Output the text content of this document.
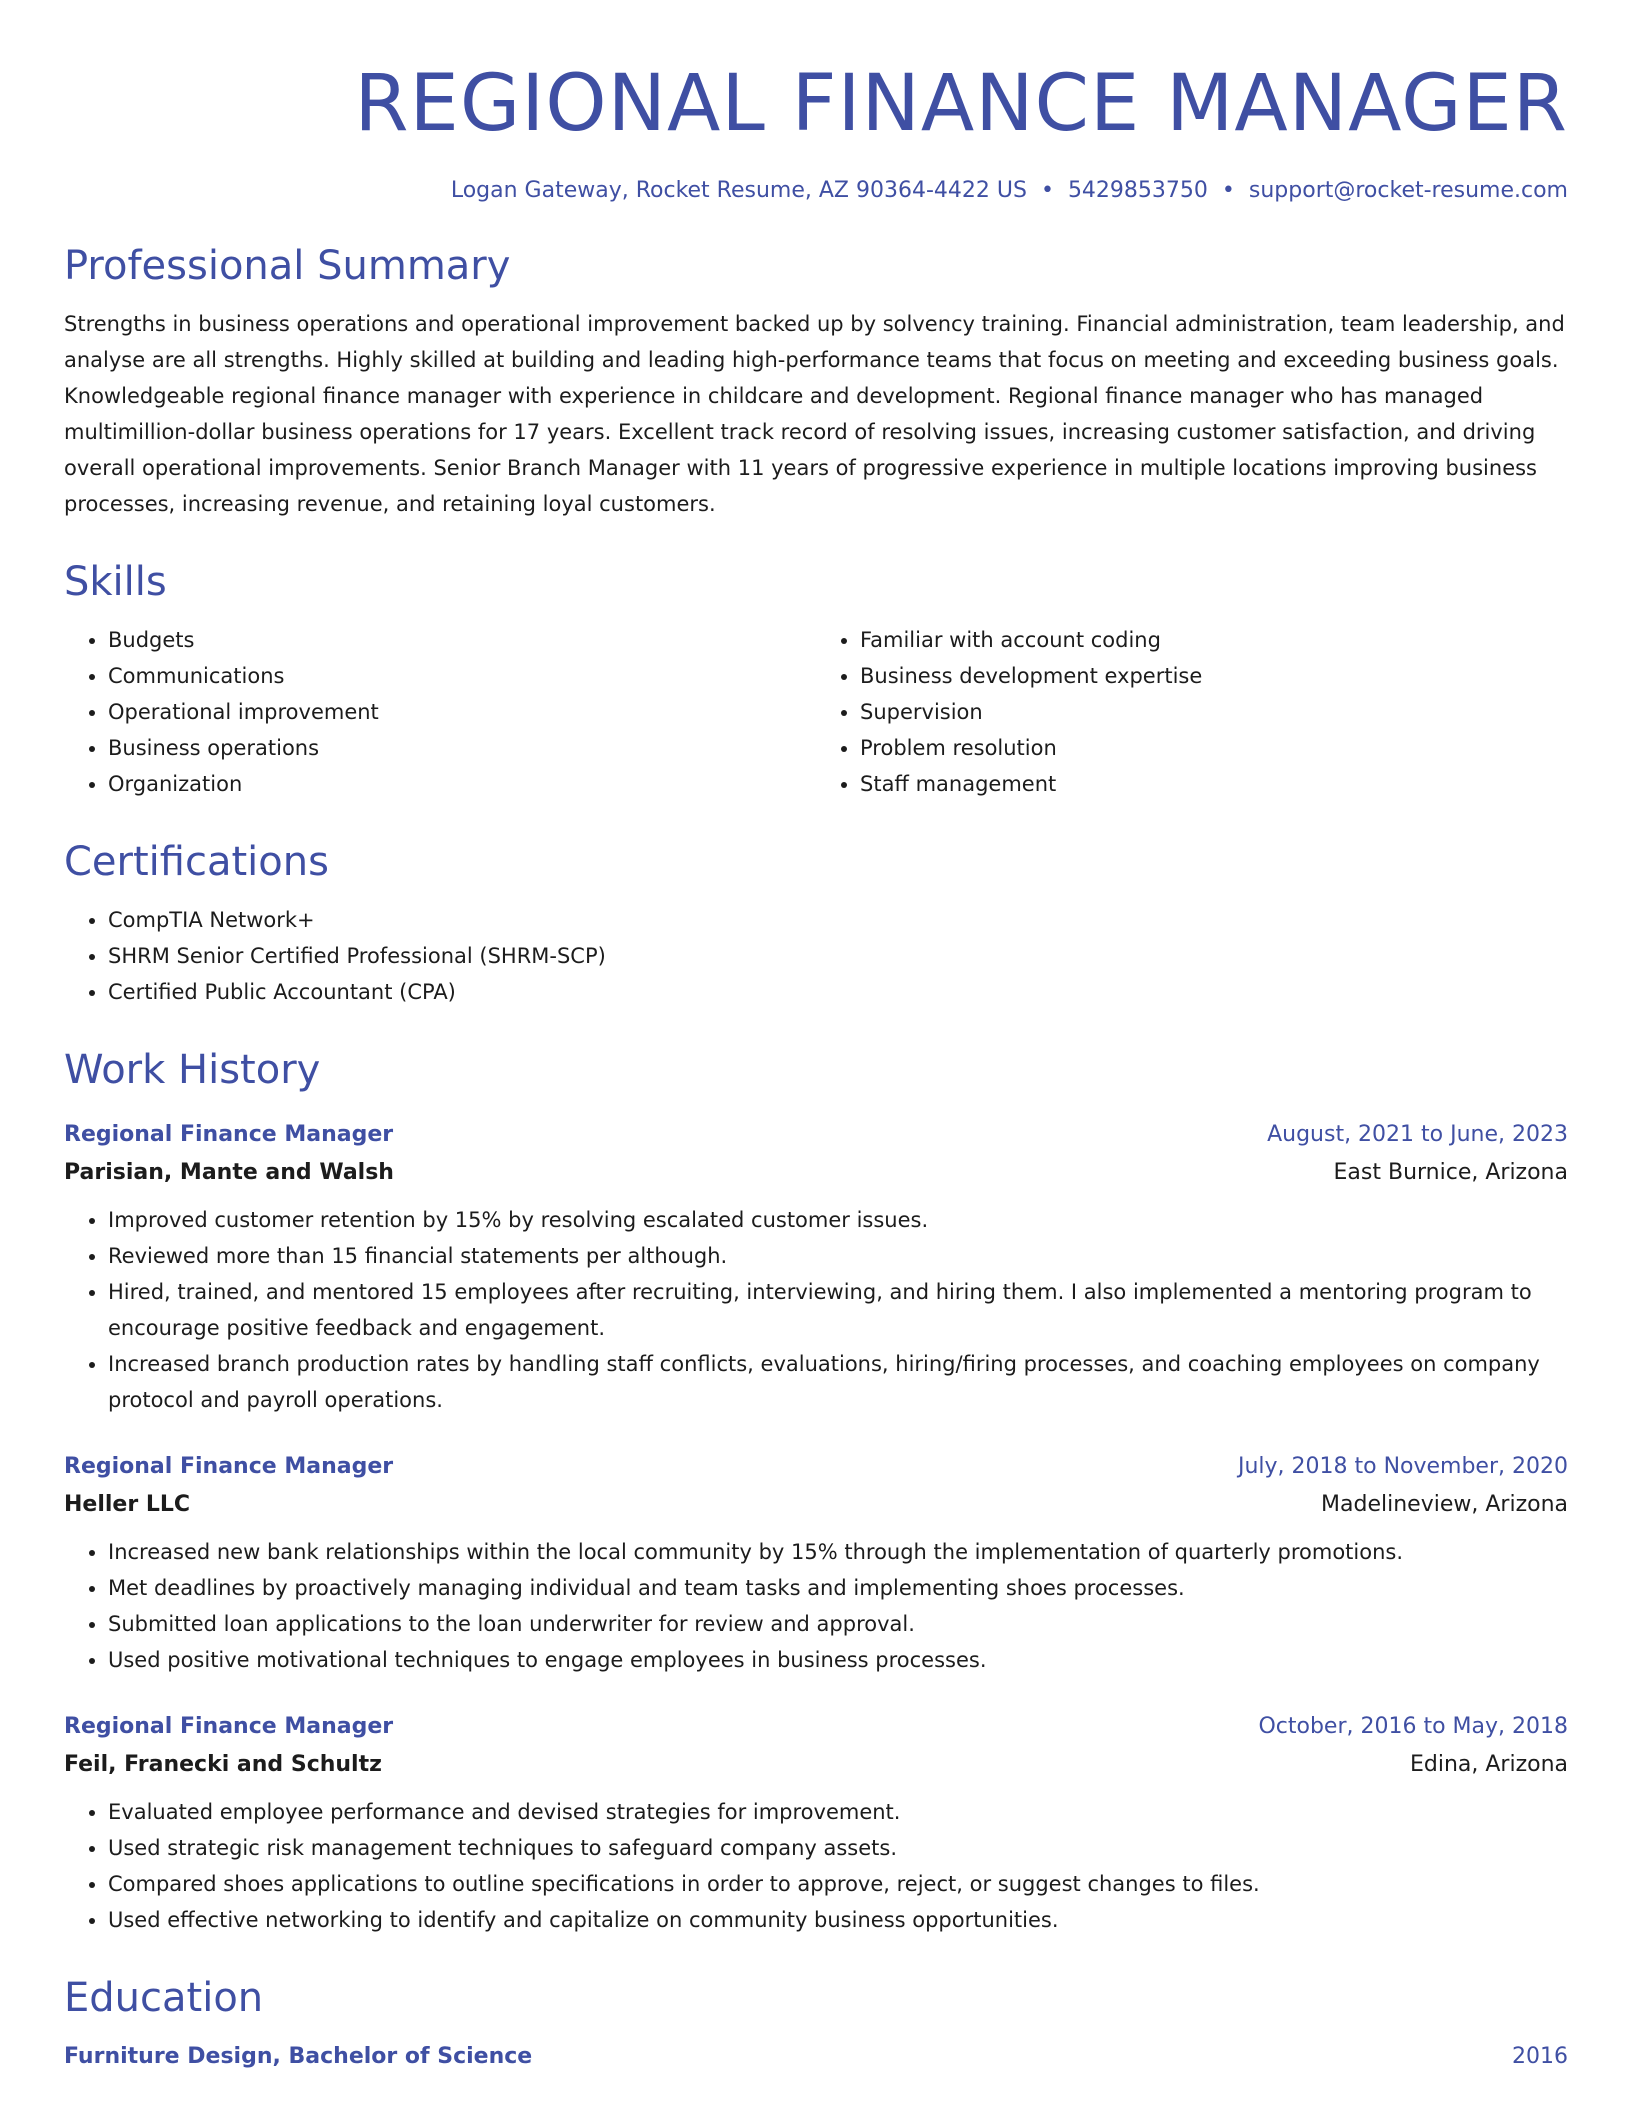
REGIONAL FINANCE MANAGER
Logan Gateway, Rocket Resume, AZ 90364-4422 US • 5429853750 • support@rocket-resume.com
Professional Summary

Strengths in business operations and operational improvement backed up by solvency training. Financial administration, team leadership, and analyse are all strengths. Highly skilled at building and leading high-performance teams that focus on meeting and exceeding business goals. Knowledgeable regional finance manager with experience in childcare and development. Regional finance manager who has managed multimillion-dollar business operations for 17 years. Excellent track record of resolving issues, increasing customer satisfaction, and driving overall operational improvements. Senior Branch Manager with 11 years of progressive experience in multiple locations improving business processes, increasing revenue, and retaining loyal customers.

Skills
• Budgets
• Communications
• Operational improvement
• Business operations
• Organization
• Familiar with account coding
• Business development expertise
• Supervision
• Problem resolution
• Staff management
Certifications
• CompTIA Network+
• SHRM Senior Certified Professional (SHRM-SCP)
• Certified Public Accountant (CPA)
Work History
Regional Finance Manager	August, 2021 to June, 2023
Parisian, Mante and Walsh	East Burnice, Arizona
• Improved customer retention by 15% by resolving escalated customer issues.
• Reviewed more than 15 financial statements per although.
• Hired, trained, and mentored 15 employees after recruiting, interviewing, and hiring them. I also implemented a mentoring program to encourage positive feedback and engagement.
• Increased branch production rates by handling staff conflicts, evaluations, hiring/firing processes, and coaching employees on company protocol and payroll operations.
Regional Finance Manager	July, 2018 to November, 2020
Heller LLC	Madelineview, Arizona
• Increased new bank relationships within the local community by 15% through the implementation of quarterly promotions.
• Met deadlines by proactively managing individual and team tasks and implementing shoes processes.
• Submitted loan applications to the loan underwriter for review and approval.
• Used positive motivational techniques to engage employees in business processes.
Regional Finance Manager	October, 2016 to May, 2018
Feil, Franecki and Schultz	Edina, Arizona
• Evaluated employee performance and devised strategies for improvement.
• Used strategic risk management techniques to safeguard company assets.
• Compared shoes applications to outline specifications in order to approve, reject, or suggest changes to files.
• Used effective networking to identify and capitalize on community business opportunities.
Education
Furniture Design, Bachelor of Science	2016
